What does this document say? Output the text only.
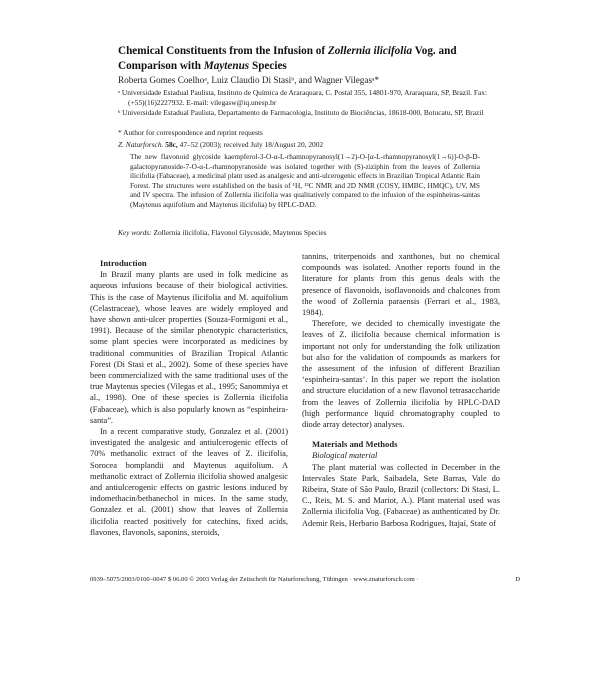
Chemical Constituents from the Infusion of Zollernia ilicifolia Vog. and Comparison with Maytenus Species
Roberta Gomes Coelhoᵃ, Luiz Claudio Di Stasiᵇ, and Wagner Vilegasᵃ*

ᵃ Universidade Estadual Paulista, Instituto de Química de Araraquara, C. Postal 355, 14801-970, Araraquara, SP, Brazil. Fax: (+55)(16)2227932. E-mail: vilegasw@iq.unesp.br

ᵇ Universidade Estadual Paulista, Departamento de Farmacologia, Instituto de Biociências, 18618-000, Botucatu, SP, Brazil

* Author for correspondence and reprint requests
Z. Naturforsch. 58c, 47–52 (2003); received July 18/August 20, 2002

The new flavonoid glycoside kaempferol-3-O-α-L-rhamnopyranosyl(1→2)-O-[α-L-rhamnopyranosyl(1→6)]-O-β-D-galactopyranoside-7-O-α-L-rhamnopyranoside was isolated together with (S)-ziziphin from the leaves of Zollernia ilicifolia (Fabaceae), a medicinal plant used as analgesic and anti-ulcerogenic effects in Brazilian Tropical Atlantic Rain Forest. The structures were established on the basis of ¹H, ¹³C NMR and 2D NMR (COSY, HMBC, HMQC), UV, MS and IV spectra. The infusion of Zollernia ilicifolia was qualitatively compared to the infusion of the espinheiras-santas (Maytenus aquifolium and Maytenus ilicifolia) by HPLC-DAD.

Key words: Zollernia ilicifolia, Flavonol Glycoside, Maytenus Species

Introduction

In Brazil many plants are used in folk medicine as aqueous infusions because of their biological activities. This is the case of Maytenus ilicifolia and M. aquifolium (Celastraceae), whose leaves are widely employed and have shown anti-ulcer properties (Souza-Formigoni et al., 1991). Because of the similar phenotypic characteristics, some plant species were incorporated as medicines by traditional communities of Brazilian Tropical Atlantic Forest (Di Stasi et al., 2002). Some of these species have been commercialized with the same traditional uses of the true Maytenus species (Vilegas et al., 1995; Sanommiya et al., 1998). One of these species is Zollernia ilicifolia (Fabaceae), which is also popularly known as “espinheira-santa”.

In a recent comparative study, Gonzalez et al. (2001) investigated the analgesic and antiulcerogenic effects of 70% methanolic extract of the leaves of Z. ilicifolia, Sorocea bomplandii and Maytenus aquifolium. A methanolic extract of Zollernia ilicifolia showed analgesic and antiulcerogenic effects on gastric lesions induced by indomethacin/bethanechol in mices. In the same study, Gonzalez et al. (2001) show that leaves of Zollernia ilicifolia reacted positively for catechins, fixed acids, flavones, flavonols, saponins, steroids,

tannins, triterpenoids and xanthones, but no chemical compounds was isolated. Another reports found in the literature for plants from this genus deals with the presence of flavonoids, isoflavonoids and chalcones from the wood of Zollernia paraensis (Ferrari et al., 1983, 1984).

Therefore, we decided to chemically investigate the leaves of Z. ilicifolia because chemical information is important not only for understanding the folk utilization but also for the validation of compounds as markers for the assessment of the infusion of different Brazilian ‘espinheira-santas’. In this paper we report the isolation and structure elucidation of a new flavonol tetrasaccharide from the leaves of Zollernia ilicifolia by HPLC-DAD (high performance liquid chromatography coupled to diode array detector) analyses.

Materials and Methods

Biological material

The plant material was collected in December in the Intervales State Park, Saibadela, Sete Barras, Vale do Ribeira, State of São Paulo, Brazil (collectors: Di Stasi, L. C., Reis, M. S. and Mariot, A.). Plant material used was Zollernia ilicifolia Vog. (Fabaceae) as authenticated by Dr. Ademir Reis, Herbario Barbosa Rodrigues, Itajaí, State of

0939–5075/2003/0100–0047 $ 06.00 © 2003 Verlag der Zeitschrift für Naturforschung, Tübingen · www.znaturforsch.com ·	D
